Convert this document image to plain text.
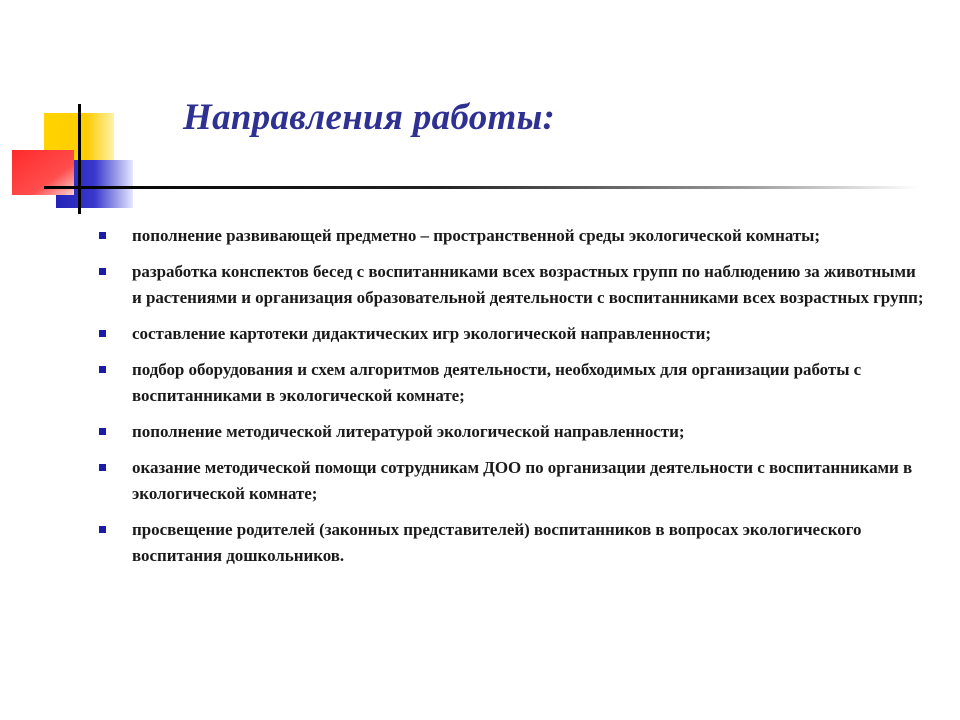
Направления работы:
пополнение развивающей предметно – пространственной среды экологической комнаты;
разработка конспектов бесед с воспитанниками всех возрастных групп по наблюдению за животными и растениями и организация образовательной деятельности с воспитанниками всех возрастных групп;
составление картотеки дидактических игр экологической направленности;
подбор оборудования и схем алгоритмов деятельности, необходимых для организации работы с воспитанниками в экологической комнате;
пополнение методической литературой экологической направленности;
оказание методической помощи сотрудникам ДОО по организации деятельности с воспитанниками в экологической комнате;
просвещение родителей (законных представителей) воспитанников в вопросах экологического воспитания дошкольников.
